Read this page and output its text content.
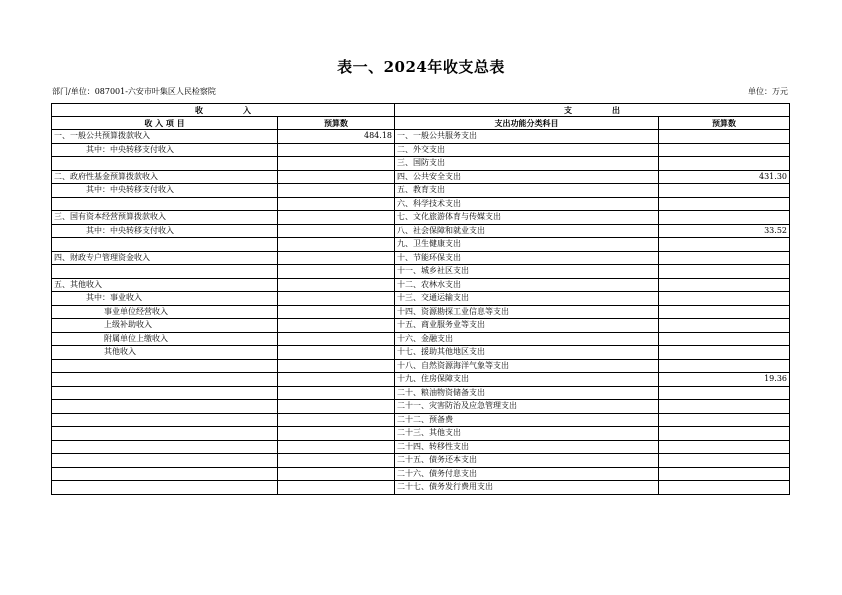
表一、2024年收支总表
部门/单位：087001-六安市叶集区人民检察院	单位：万元
收　　　　　入		支　　　　　出	
收 入 项 目	预算数	支出功能分类科目	预算数
一、一般公共预算拨款收入	484.18	一、一般公共服务支出	
其中：中央转移支付收入		二、外交支出	
		三、国防支出	
二、政府性基金预算拨款收入		四、公共安全支出	431.30
其中：中央转移支付收入		五、教育支出	
		六、科学技术支出	
三、国有资本经营预算拨款收入		七、文化旅游体育与传媒支出	
其中：中央转移支付收入		八、社会保障和就业支出	33.52
		九、卫生健康支出	
四、财政专户管理资金收入		十、节能环保支出	
		十一、城乡社区支出	
五、其他收入		十二、农林水支出	
其中：事业收入		十三、交通运输支出	
事业单位经营收入		十四、资源勘探工业信息等支出	
上级补助收入		十五、商业服务业等支出	
附属单位上缴收入		十六、金融支出	
其他收入		十七、援助其他地区支出	
		十八、自然资源海洋气象等支出	
		十九、住房保障支出	19.36
		二十、粮油物资储备支出	
		二十一、灾害防治及应急管理支出	
		二十二、预备费	
		二十三、其他支出	
		二十四、转移性支出	
		二十五、债务还本支出	
		二十六、债务付息支出	
		二十七、债务发行费用支出	
